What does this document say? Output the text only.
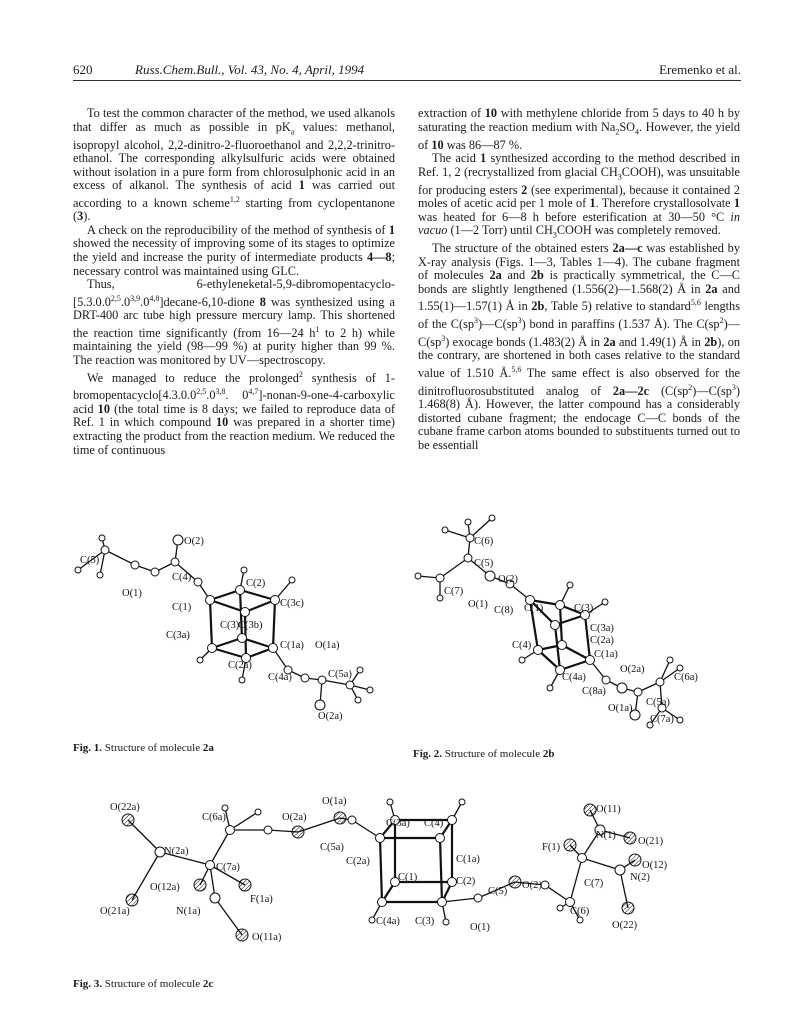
620	Russ.Chem.Bull., Vol. 43, No. 4, April, 1994	Eremenko et al.

To test the common character of the method, we used alkanols that differ as much as possible in $pK_a$ values: methanol, isopropyl alcohol, 2,2-dinitro-2-fluoroethanol and 2,2,2-trinitro-ethanol. The corresponding alkylsulfuric acids were obtained without isolation in a pure form from chlorosulphonic acid in an excess of alkanol. The synthesis of acid 1 was carried out according to a known scheme$^{1,2}$ starting from cyclopentanone (3).

A check on the reproducibility of the method of synthesis of 1 showed the necessity of improving some of its stages to optimize the yield and increase the purity of intermediate products 4—8; necessary control was maintained using GLC.

Thus, 6-ethyleneketal-5,9-dibromopentacyclo-[5.3.0.0$^{2,5}$.0$^{3,9}$.0$^{4,8}$]decane-6,10-dione 8 was synthesized using a DRT-400 arc tube high pressure mercury lamp. This shortened the reaction time significantly (from 16—24 $h^1$ to 2 h) while maintaining the yield (98—99 %) at purity higher than 99 %. The reaction was monitored by UV—spectroscopy.

We managed to reduce the prolonged$^2$ synthesis of 1-bromopentacyclo[4.3.0.0$^{2,5}$.0$^{3,8}$. 0$^{4,7}$]-nonan-9-one-4-carboxylic acid 10 (the total time is 8 days; we failed to reproduce data of Ref. 1 in which compound 10 was prepared in a shorter time) extracting the product from the reaction medium. We reduced the time of continuous

extraction of 10 with methylene chloride from 5 days to 40 h by saturating the reaction medium with $Na_2SO_4$. However, the yield of 10 was 86—87 %.

The acid 1 synthesized according to the method described in Ref. 1, 2 (recrystallized from glacial $CH_3COOH$), was unsuitable for producing esters 2 (see experimental), because it contained 2 moles of acetic acid per 1 mole of 1. Therefore crystallosolvate 1 was heated for 6—8 h before esterification at 30—50 °C in vacuo (1—2 Torr) until $CH_3COOH$ was completely removed.

The structure of the obtained esters 2a—c was established by X-ray analysis (Figs. 1—3, Tables 1—4). The cubane fragment of molecules 2a and 2b is practically symmetrical, the C—C bonds are slightly lengthened (1.556(2)—1.568(2) Å in 2a and 1.55(1)—1.57(1) Å in 2b, Table 5) relative to standard$^{5,6}$ lengths of the $C(sp^3)—C(sp^3)$ bond in paraffins (1.537 Å). The $C(sp^2)—C(sp^3)$ exocage bonds (1.483(2) Å in 2a and 1.49(1) Å in 2b), on the contrary, are shortened in both cases relative to the standard value of 1.510 Å.$^{5,6}$ The same effect is also observed for the dinitrofluorosubstituted analog of 2a—2c ($C(sp^2)—C(sp^3)$ 1.468(8) Å). However, the latter compound has a considerably distorted cubane fragment; the endocage C—C bonds of the cubane frame carbon atoms bounded to substituents turned out to be essentiall

C(5)
O(2)
C(4)
O(1)
C(2)
C(1)	C(3c)
C(3)
C(3b)
C(3a)
C(1a) O(1a)
C(2a)
C(4a)	C(5a)
O(2a)
Fig. 1. Structure of molecule 2a
C(6)
C(5)
O(2)
C(7)
O(1)
C(8) C(1)	C(3)
C(3a)
C(2a)
C(4)
C(1a)
O(2a)
C(6a)
C(4a)
C(8a)
C(5a)
O(1a)
C(7a)
Fig. 2. Structure of molecule 2b
O(22a)
C(6a)	O(2a)
O(1a)
C(3a) C(4)
O(11)
N(1)
C(5a)
N(2a)
C(2a)	C(1a)
F(1)
O(21)
C(7a)	O(12)
C(1)	C(2)	C(7)
N(2)
O(12a)
F(1a)
C(5)
O(2)
N(1a)
C(4a) C(3)
O(1)
C(6)
O(21a)
O(11a)
O(22)
Fig. 3. Structure of molecule 2c
